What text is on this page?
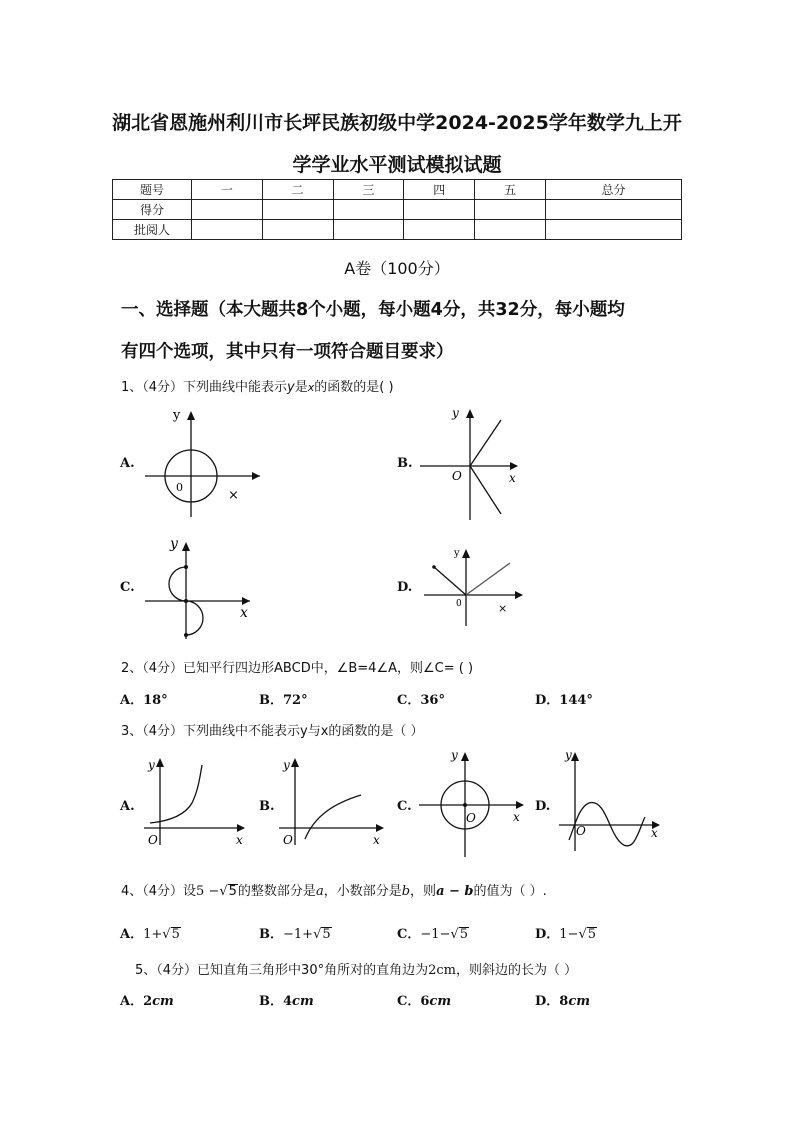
湖北省恩施州利川市长坪民族初级中学2024-2025学年数学九上开
学学业水平测试模拟试题
题号	一	二	三	四	五	总分
得分						
批阅人						
A卷（100分）
一、选择题（本大题共8个小题，每小题4分，共32分，每小题均
有四个选项，其中只有一项符合题目要求）
1、（4分）下列曲线中能表示y是x的函数的是( )
A.	B.
C.	D.
y
0
×
y
O	x
y
x
y
0	×
2、（4分）已知平行四边形ABCD中，∠B=4∠A，则∠C= ( )
A．18°	B．72°	C．36°	D．144°
3、（4分）下列曲线中不能表示y与x的函数的是（ ）
A.	B.	C.	D.
y
O	x
y
O	x
y
O	x
y
O	x
4、（4分）设5 −√5的整数部分是a，小数部分是b，则a − b的值为（ ）.
A．1+√5	B．−1+√5	C．−1−√5	D．1−√5
5、（4分）已知直角三角形中30°角所对的直角边为2cm，则斜边的长为（ ）
A．2cm	B．4cm	C．6cm	D．8cm
